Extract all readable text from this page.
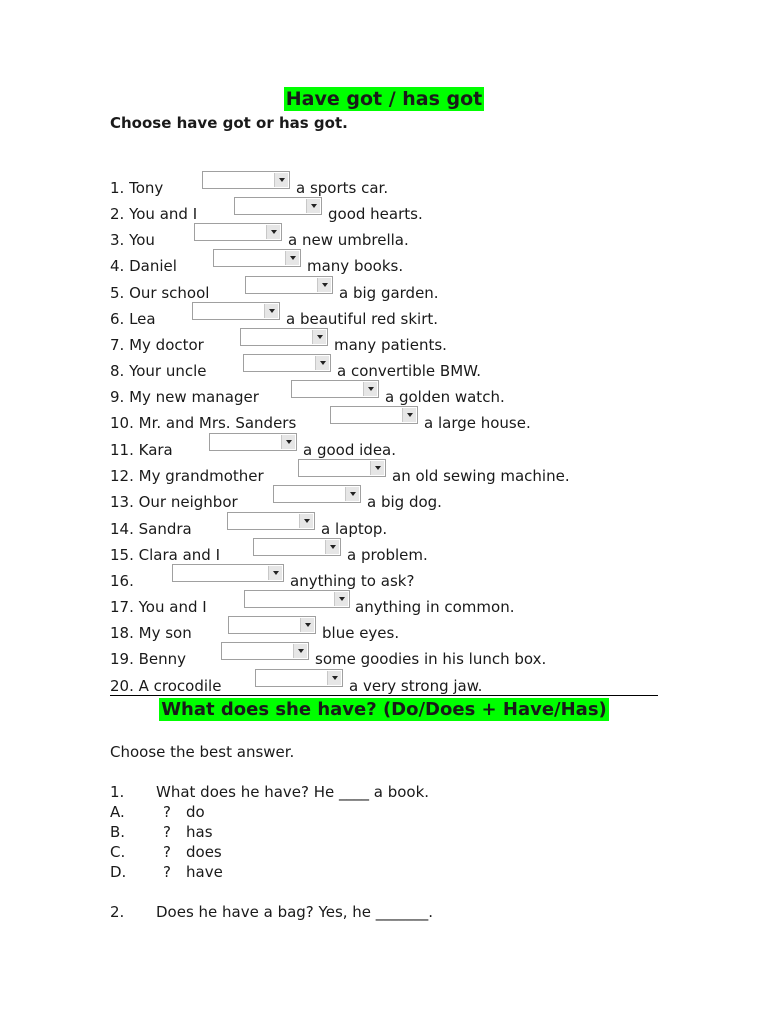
Have got / has got
Choose have got or has got.
1. Tony	a sports car.
2. You and I	good hearts.
3. You	a new umbrella.
4. Daniel	many books.
5. Our school	a big garden.
6. Lea	a beautiful red skirt.
7. My doctor	many patients.
8. Your uncle	a convertible BMW.
9. My new manager	a golden watch.
10. Mr. and Mrs. Sanders	a large house.
11. Kara	a good idea.
12. My grandmother	an old sewing machine.
13. Our neighbor	a big dog.
14. Sandra	a laptop.
15. Clara and I	a problem.
16.	anything to ask?
17. You and I	anything in common.
18. My son	blue eyes.
19. Benny	some goodies in his lunch box.
20. A crocodile	a very strong jaw.
What does she have? (Do/Does + Have/Has)
Choose the best answer.
1. What does he have? He ____ a book.
A.	? do
B.	? has
C.	? does
D. ? have
2. Does he have a bag? Yes, he _______.
